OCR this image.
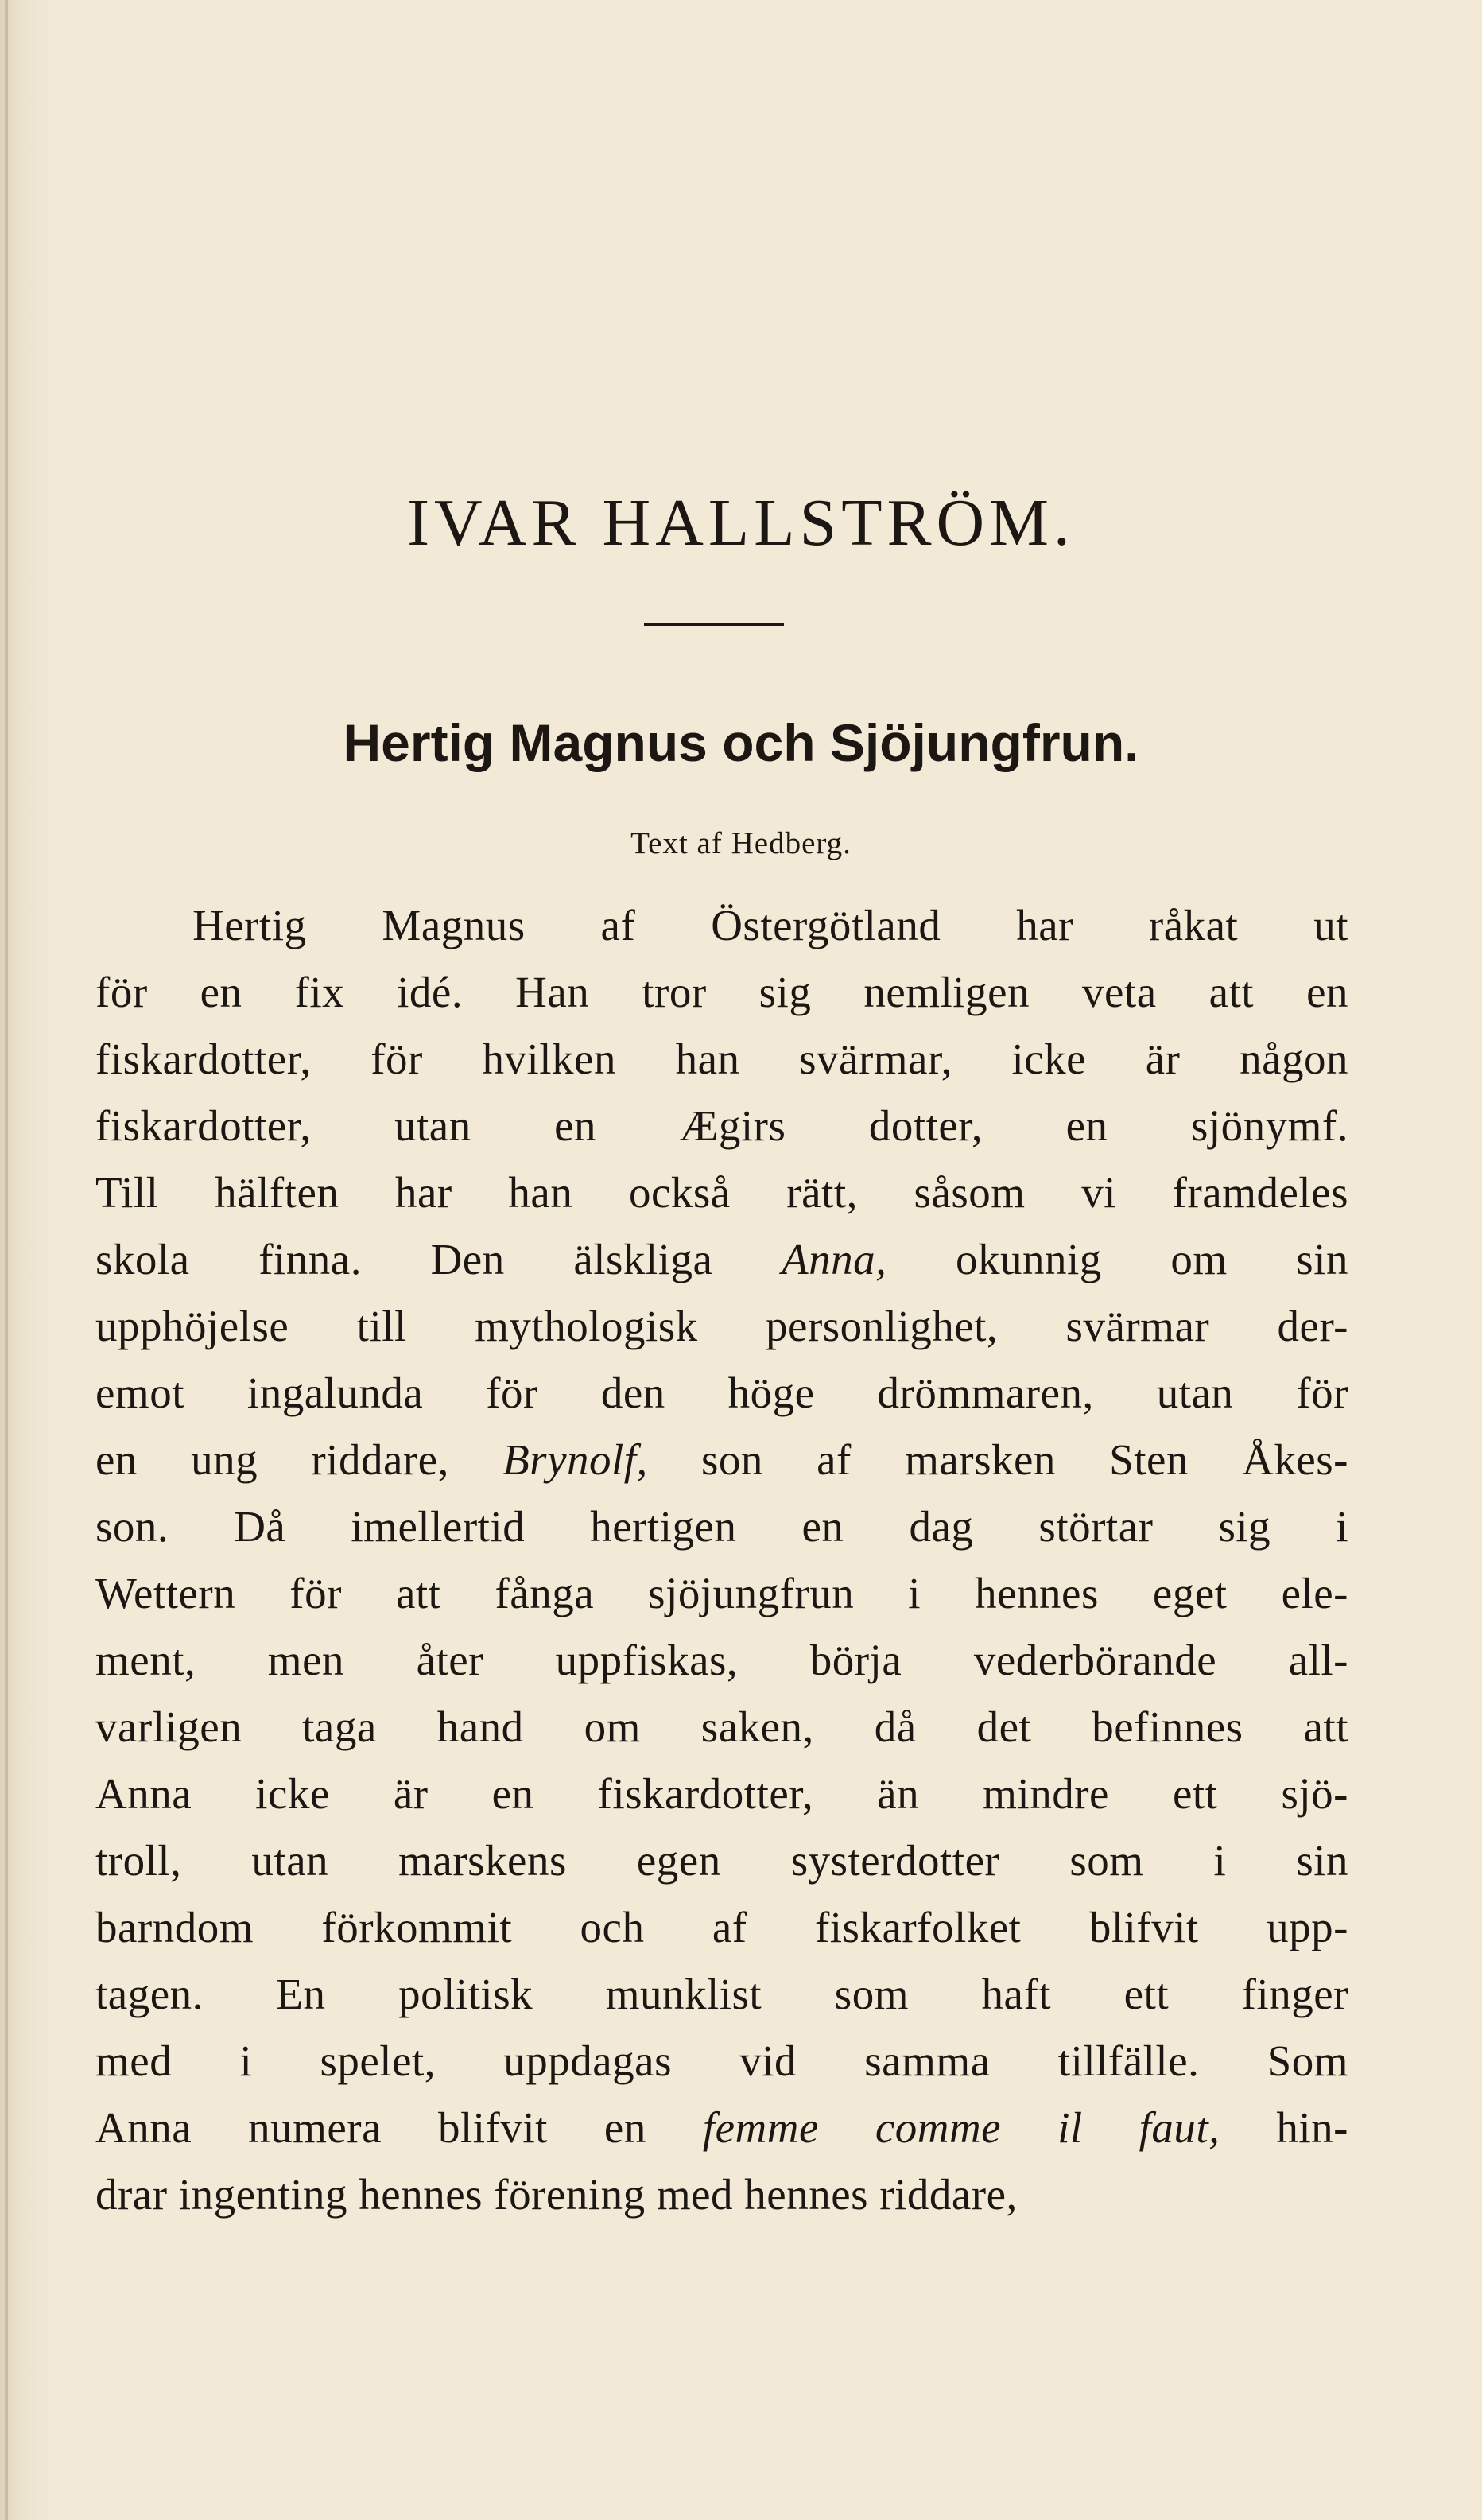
IVAR HALLSTRÖM.
Hertig Magnus och Sjöjungfrun.
Text af Hedberg.
Hertig Magnus af Östergötland har råkat ut
för en fix idé. Han tror sig nemligen veta att en
fiskardotter, för hvilken han svärmar, icke är någon
fiskardotter, utan en Ægirs dotter, en sjönymf.
Till hälften har han också rätt, såsom vi framdeles
skola finna. Den älskliga Anna, okunnig om sin
upphöjelse till mythologisk personlighet, svärmar der-
emot ingalunda för den höge drömmaren, utan för
en ung riddare, Brynolf, son af marsken Sten Åkes-
son. Då imellertid hertigen en dag störtar sig i
Wettern för att fånga sjöjungfrun i hennes eget ele-
ment, men åter uppfiskas, börja vederbörande all-
varligen taga hand om saken, då det befinnes att
Anna icke är en fiskardotter, än mindre ett sjö-
troll, utan marskens egen systerdotter som i sin
barndom förkommit och af fiskarfolket blifvit upp-
tagen. En politisk munklist som haft ett finger
med i spelet, uppdagas vid samma tillfälle. Som
Anna numera blifvit en femme comme il faut, hin-
drar ingenting hennes förening med hennes riddare,
